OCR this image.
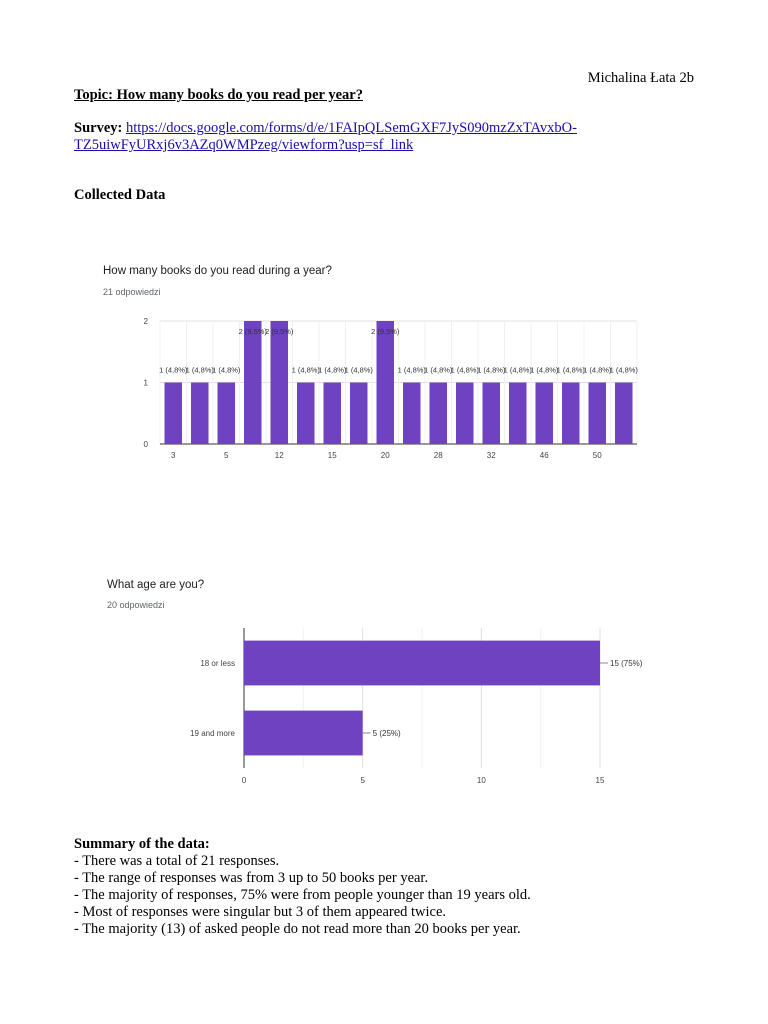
Michalina Łata 2b
Topic: How many books do you read per year?
Survey: https://docs.google.com/forms/d/e/1FAIpQLSemGXF7JyS090mzZxTAvxbO-
TZ5uiwFyURxj6v3AZq0WMPzeg/viewform?usp=sf_link
Collected Data
How many books do you read during a year?
21 odpowiedzi
0
1
2
1 (4,8%)
3
1 (4,8%)
1 (4,8%)
5
2 (9,5%)
2 (9,5%)
12
1 (4,8%)
1 (4,8%)
15
1 (4,8%)
2 (9,5%)
20
1 (4,8%)
1 (4,8%)
28
1 (4,8%)
1 (4,8%)
32
1 (4,8%)
1 (4,8%)
46
1 (4,8%)
1 (4,8%)
50
1 (4,8%)
What age are you?
20 odpowiedzi
0	5	10	15
18 or less	15 (75%)
19 and more	5 (25%)
Summary of the data:
- There was a total of 21 responses.
- The range of responses was from 3 up to 50 books per year.
- The majority of responses, 75% were from people younger than 19 years old.
- Most of responses were singular but 3 of them appeared twice.
- The majority (13) of asked people do not read more than 20 books per year.
